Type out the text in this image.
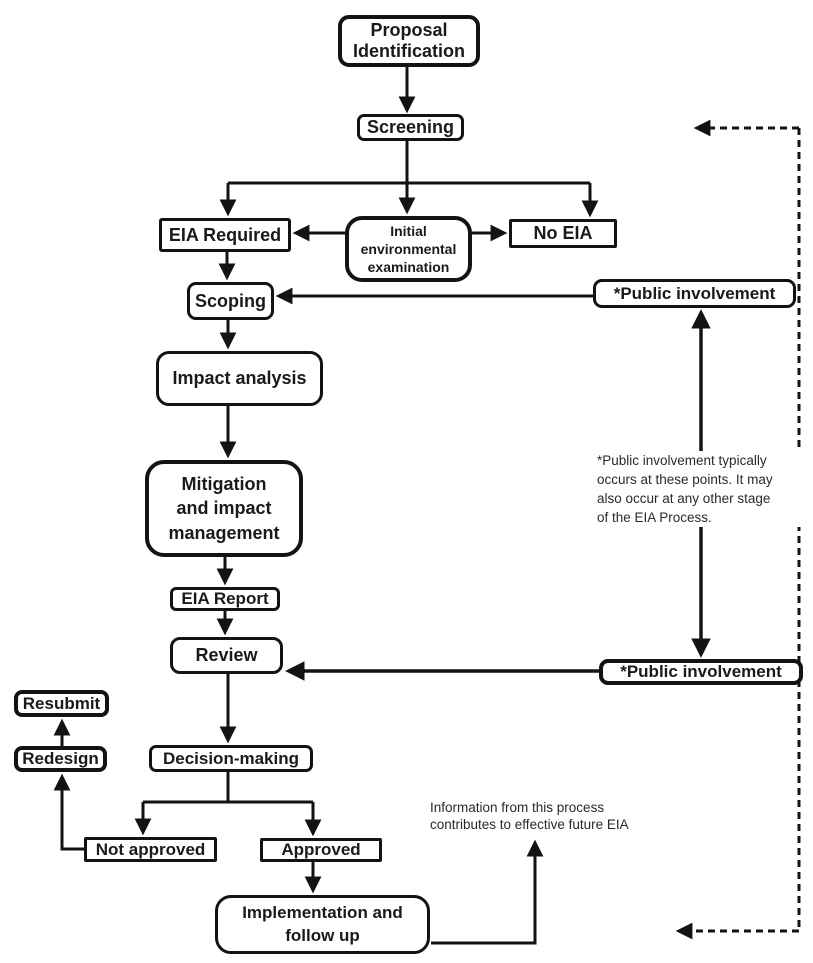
Proposal
Identification
Screening
EIA Required	Initial
environmental
examination
No EIA
Scoping
Impact analysis
Mitigation
and impact
management
EIA Report
Review
Decision-making
Resubmit
Redesign
Not approved	Approved
Implementation and
follow up
*Public involvement
*Public involvement
*Public involvement typically
occurs at these points. It may
also occur at any other stage
of the EIA Process.
Information from this process
contributes to effective future EIA
